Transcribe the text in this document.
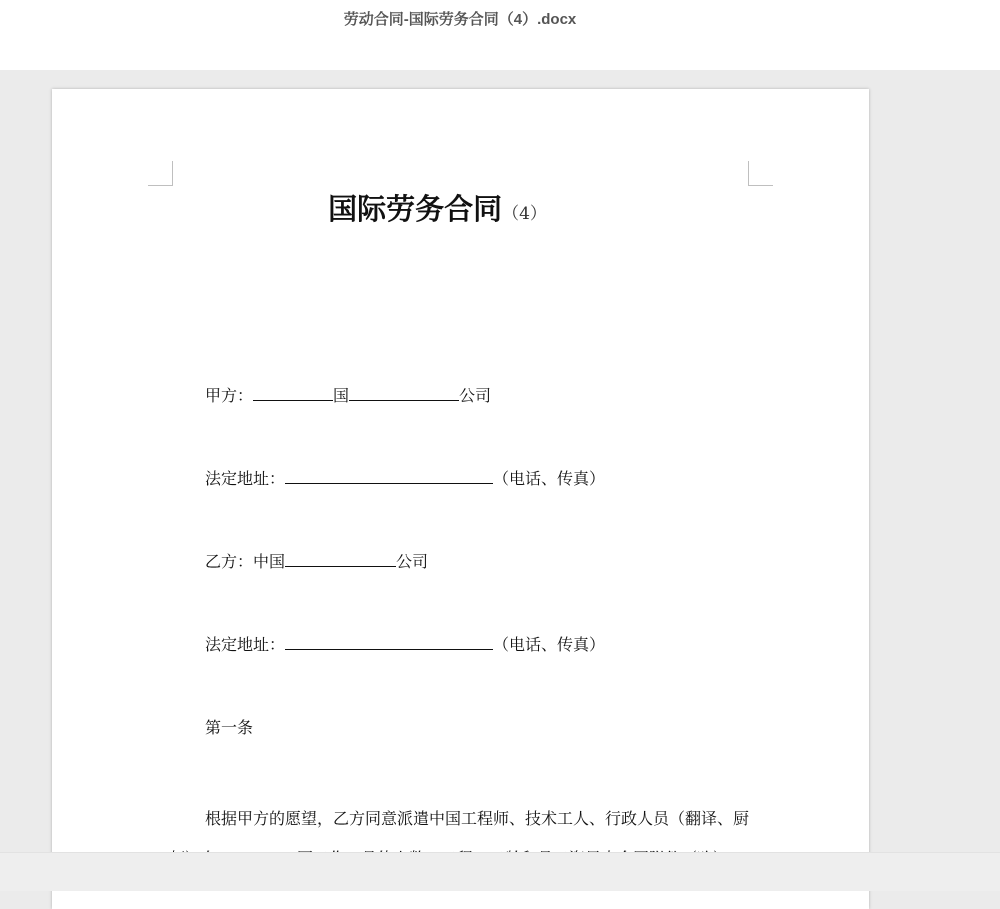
劳动合同-国际劳务合同（4）.docx
国际劳务合同（4）
甲方：	国	公司
法定地址：	（电话、传真）
乙方：中国	公司
法定地址：	（电话、传真）
第一条
根据甲方的愿望，乙方同意派遣中国工程师、技术工人、行政人员（翻译、厨
